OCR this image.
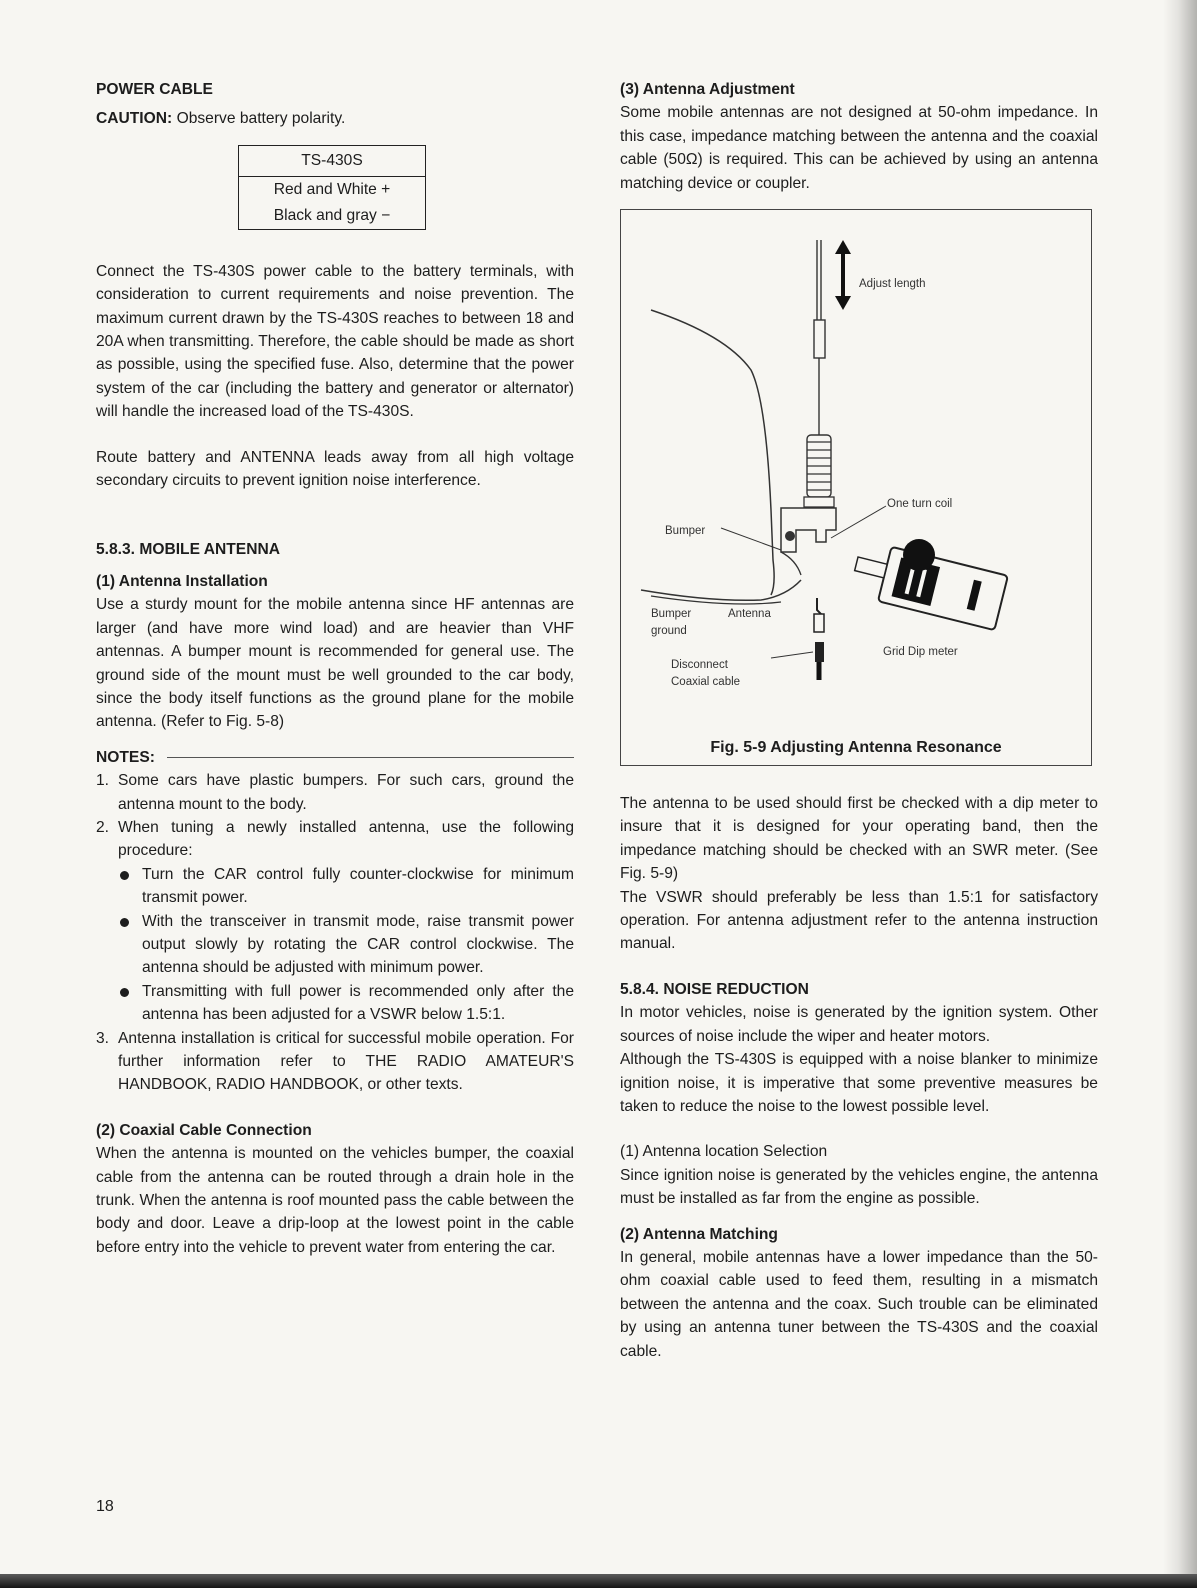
POWER CABLE

CAUTION: Observe battery polarity.

TS-430S
Red and White +
Black and gray −

Connect the TS-430S power cable to the battery terminals, with consideration to current requirements and noise prevention. The maximum current drawn by the TS-430S reaches to between 18 and 20A when transmitting. Therefore, the cable should be made as short as possible, using the specified fuse. Also, determine that the power system of the car (including the battery and generator or alternator) will handle the increased load of the TS-430S.

Route battery and ANTENNA leads away from all high voltage secondary circuits to prevent ignition noise interference.

5.8.3. MOBILE ANTENNA
(1) Antenna Installation

Use a sturdy mount for the mobile antenna since HF antennas are larger (and have more wind load) and are heavier than VHF antennas. A bumper mount is recommended for general use. The ground side of the mount must be well grounded to the car body, since the body itself functions as the ground plane for the mobile antenna. (Refer to Fig. 5-8)

NOTES:
1. Some cars have plastic bumpers. For such cars, ground the antenna mount to the body.
2. When tuning a newly installed antenna, use the following procedure:
Turn the CAR control fully counter-clockwise for minimum transmit power.
With the transceiver in transmit mode, raise transmit power output slowly by rotating the CAR control clockwise. The antenna should be adjusted with minimum power.
Transmitting with full power is recommended only after the antenna has been adjusted for a VSWR below 1.5:1.
3. Antenna installation is critical for successful mobile operation. For further information refer to THE RADIO AMATEUR'S HANDBOOK, RADIO HANDBOOK, or other texts.
(2) Coaxial Cable Connection

When the antenna is mounted on the vehicles bumper, the coaxial cable from the antenna can be routed through a drain hole in the trunk. When the antenna is roof mounted pass the cable between the body and door. Leave a drip-loop at the lowest point in the cable before entry into the vehicle to prevent water from entering the car.

(3) Antenna Adjustment

Some mobile antennas are not designed at 50-ohm impedance. In this case, impedance matching between the antenna and the coaxial cable (50Ω) is required. This can be achieved by using an antenna matching device or coupler.

Adjust length
One turn coil
Bumper
Bumper
ground
Antenna
Disconnect
Coaxial cable
Grid Dip meter
Fig. 5-9 Adjusting Antenna Resonance

The antenna to be used should first be checked with a dip meter to insure that it is designed for your operating band, then the impedance matching should be checked with an SWR meter. (See Fig. 5-9)

The VSWR should preferably be less than 1.5:1 for satisfactory operation. For antenna adjustment refer to the antenna instruction manual.

5.8.4. NOISE REDUCTION

In motor vehicles, noise is generated by the ignition system. Other sources of noise include the wiper and heater motors.

Although the TS-430S is equipped with a noise blanker to minimize ignition noise, it is imperative that some preventive measures be taken to reduce the noise to the lowest possible level.

(1) Antenna location Selection

Since ignition noise is generated by the vehicles engine, the antenna must be installed as far from the engine as possible.

(2) Antenna Matching

In general, mobile antennas have a lower impedance than the 50-ohm coaxial cable used to feed them, resulting in a mismatch between the antenna and the coax. Such trouble can be eliminated by using an antenna tuner between the TS-430S and the coaxial cable.

18
